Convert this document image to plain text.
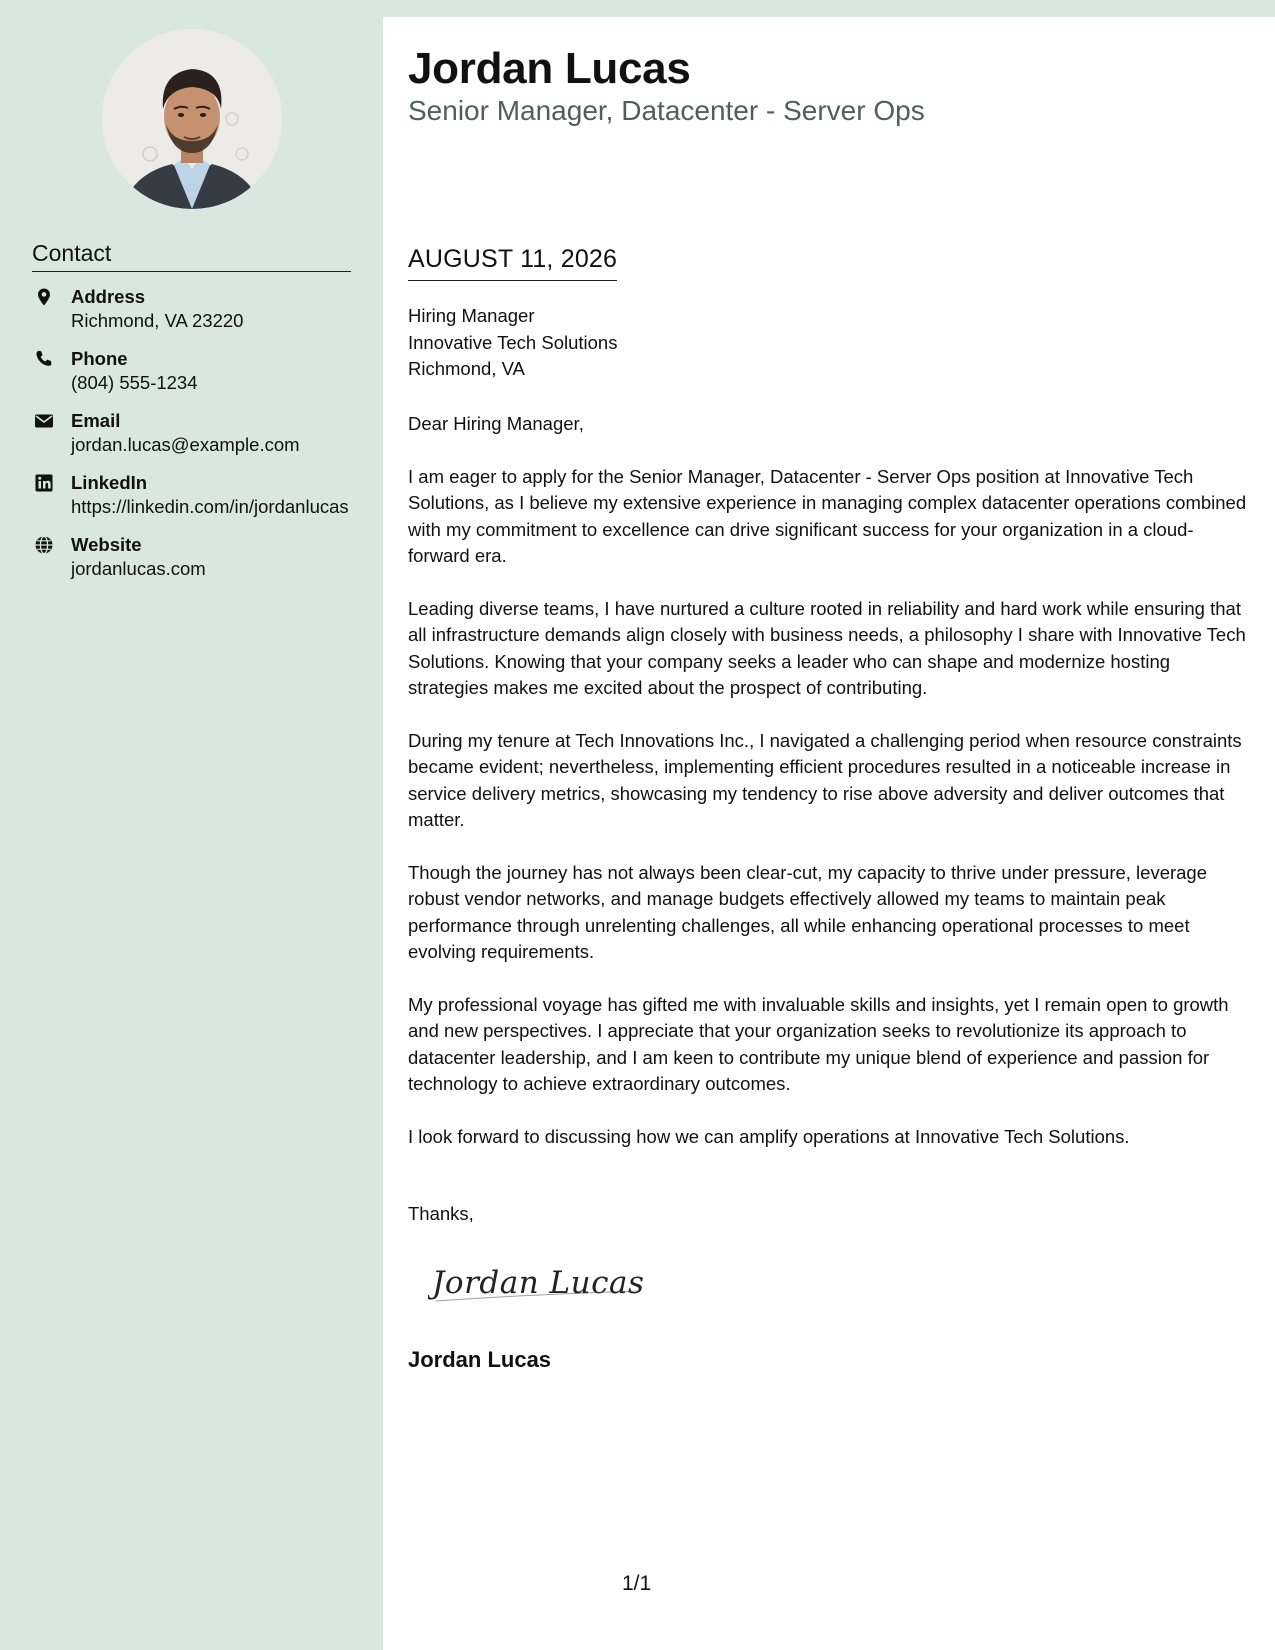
Contact
Address
Richmond, VA 23220
Phone
(804) 555-1234
Email
jordan.lucas@example.com
LinkedIn
https://linkedin.com/in/jordanlucas
Website
jordanlucas.com
Jordan Lucas
Senior Manager, Datacenter - Server Ops
AUGUST 11, 2026
Hiring Manager
Innovative Tech Solutions
Richmond, VA

Dear Hiring Manager,

I am eager to apply for the Senior Manager, Datacenter - Server Ops position at Innovative Tech Solutions, as I believe my extensive experience in managing complex datacenter operations combined with my commitment to excellence can drive significant success for your organization in a cloud-forward era.

Leading diverse teams, I have nurtured a culture rooted in reliability and hard work while ensuring that all infrastructure demands align closely with business needs, a philosophy I share with Innovative Tech Solutions. Knowing that your company seeks a leader who can shape and modernize hosting strategies makes me excited about the prospect of contributing.

During my tenure at Tech Innovations Inc., I navigated a challenging period when resource constraints became evident; nevertheless, implementing efficient procedures resulted in a noticeable increase in service delivery metrics, showcasing my tendency to rise above adversity and deliver outcomes that matter.

Though the journey has not always been clear-cut, my capacity to thrive under pressure, leverage robust vendor networks, and manage budgets effectively allowed my teams to maintain peak performance through unrelenting challenges, all while enhancing operational processes to meet evolving requirements.

My professional voyage has gifted me with invaluable skills and insights, yet I remain open to growth and new perspectives. I appreciate that your organization seeks to revolutionize its approach to datacenter leadership, and I am keen to contribute my unique blend of experience and passion for technology to achieve extraordinary outcomes.

I look forward to discussing how we can amplify operations at Innovative Tech Solutions.

Thanks,
Jordan Lucas
Jordan Lucas
1/1
